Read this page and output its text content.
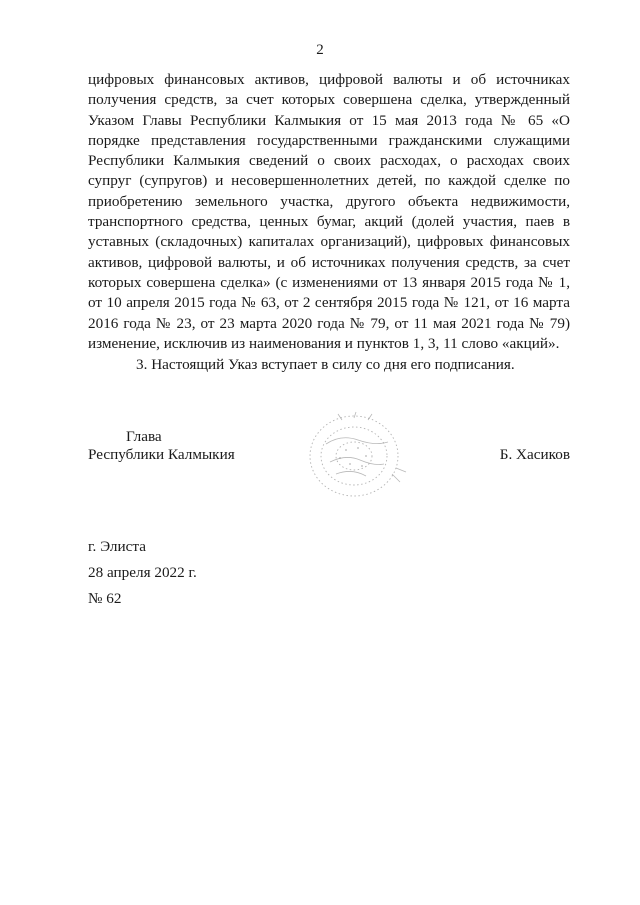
2

цифровых финансовых активов, цифровой валюты и об источниках получения средств, за счет которых совершена сделка, утвержденный Указом Главы Республики Калмыкия от 15 мая 2013 года № 65 «О порядке представления государственными гражданскими служащими Республики Калмыкия сведений о своих расходах, о расходах своих супруг (супругов) и несовершеннолетних детей, по каждой сделке по приобретению земельного участка, другого объекта недвижимости, транспортного средства, ценных бумаг, акций (долей участия, паев в уставных (складочных) капиталах организаций), цифровых финансовых активов, цифровой валюты, и об источниках получения средств, за счет которых совершена сделка» (с изменениями от 13 января 2015 года № 1, от 10 апреля 2015 года № 63, от 2 сентября 2015 года № 121, от 16 марта 2016 года № 23, от 23 марта 2020 года № 79, от 11 мая 2021 года № 79) изменение, исключив из наименования и пунктов 1, 3, 11 слово «акций».

3. Настоящий Указ вступает в силу со дня его подписания.

Глава
Республики Калмыкия	Б. Хасиков
г. Элиста
28 апреля 2022 г.
№ 62
